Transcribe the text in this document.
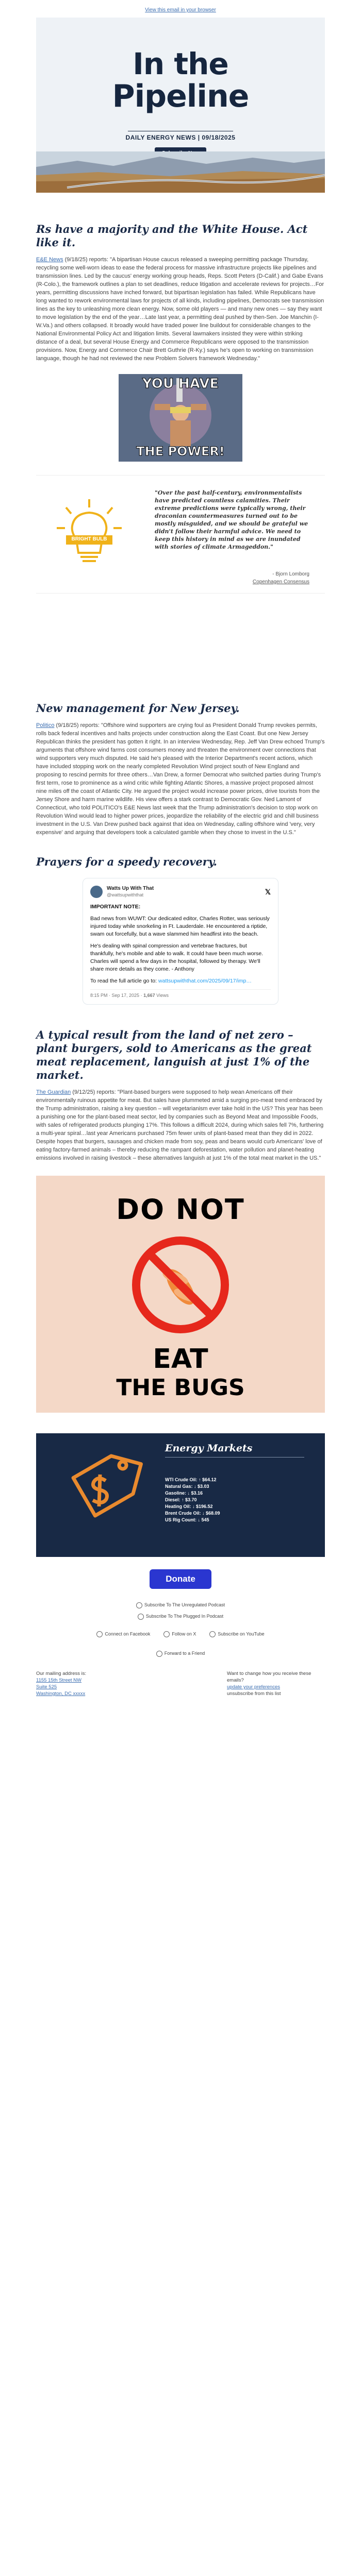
View this email in your browser
In the
Pipeline
DAILY ENERGY NEWS | 09/18/2025
Rs have a majority and the White House. Act like it.
E&E News (9/18/25) reports: "A bipartisan House caucus released a sweeping permitting package Thursday, recycling some well-worn ideas to ease the federal process for massive infrastructure projects like pipelines and transmission lines. Led by the caucus' energy working group heads, Reps. Scott Peters (D-Calif.) and Gabe Evans (R-Colo.), the framework outlines a plan to set deadlines, reduce litigation and accelerate reviews for projects…For years, permitting discussions have inched forward, but bipartisan legislation has failed. While Republicans have long wanted to rework environmental laws for projects of all kinds, including pipelines, Democrats see transmission lines as the key to unleashing more clean energy. Now, some old players — and many new ones — say they want to move legislation by the end of the year…Late last year, a permitting deal pushed by then-Sen. Joe Manchin (I-W.Va.) and others collapsed. It broadly would have traded power line buildout for considerable changes to the National Environmental Policy Act and litigation limits. Several lawmakers insisted they were within striking distance of a deal, but several House Energy and Commerce Republicans were opposed to the transmission provisions. Now, Energy and Commerce Chair Brett Guthrie (R-Ky.) says he's open to working on transmission language, though he had not reviewed the new Problem Solvers framework Wednesday."
YOU HAVE
THE POWER!
BRIGHT BULB
"Over the past half-century, environmentalists have predicted countless calamities. Their extreme predictions were typically wrong, their draconian countermeasures turned out to be mostly misguided, and we should be grateful we didn't follow their harmful advice. We need to keep this history in mind as we are inundated with stories of climate Armageddon."
- Bjorn Lomborg
Copenhagen Consensus
New management for New Jersey.
Politico (9/18/25) reports: "Offshore wind supporters are crying foul as President Donald Trump revokes permits, rolls back federal incentives and halts projects under construction along the East Coast. But one New Jersey Republican thinks the president has gotten it right. In an interview Wednesday, Rep. Jeff Van Drew echoed Trump's arguments that offshore wind farms cost consumers money and threaten the environment over connections that wind supporters very much disputed. He said he's pleased with the Interior Department's recent actions, which have included stopping work on the nearly completed Revolution Wind project south of New England and proposing to rescind permits for three others…Van Drew, a former Democrat who switched parties during Trump's first term, rose to prominence as a wind critic while fighting Atlantic Shores, a massive project proposed almost nine miles off the coast of Atlantic City. He argued the project would increase power prices, drive tourists from the Jersey Shore and harm marine wildlife. His view offers a stark contrast to Democratic Gov. Ned Lamont of Connecticut, who told POLITICO's E&E News last week that the Trump administration's decision to stop work on Revolution Wind would lead to higher power prices, jeopardize the reliability of the electric grid and chill business investment in the U.S. Van Drew pushed back against that idea on Wednesday, calling offshore wind 'very, very expensive' and arguing that developers took a calculated gamble when they chose to invest in the U.S."
Prayers for a speedy recovery.
Watts Up With That
@wattsupwiththat	𝕏

IMPORTANT NOTE:

Bad news from WUWT: Our dedicated editor, Charles Rotter, was seriously injured today while snorkeling in Ft. Lauderdale. He encountered a riptide, swam out forcefully, but a wave slammed him headfirst into the beach.

He's dealing with spinal compression and vertebrae fractures, but thankfully, he's mobile and able to walk. It could have been much worse. Charles will spend a few days in the hospital, followed by therapy. We'll share more details as they come. - Anthony

To read the full article go to: wattsupwiththat.com/2025/09/17/imp…

8:15 PM · Sep 17, 2025 · 1,667 Views
A typical result from the land of net zero – plant burgers, sold to Americans as the great meat replacement, languish at just 1% of the market.
The Guardian (9/12/25) reports: "Plant-based burgers were supposed to help wean Americans off their environmentally ruinous appetite for meat. But sales have plummeted amid a surging pro-meat trend embraced by the Trump administration, raising a key question – will vegetarianism ever take hold in the US? This year has been a punishing one for the plant-based meat sector, led by companies such as Beyond Meat and Impossible Foods, with sales of refrigerated products plunging 17%. This follows a difficult 2024, during which sales fell 7%, furthering a multi-year spiral…last year Americans purchased 75m fewer units of plant-based meat than they did in 2022. Despite hopes that burgers, sausages and chicken made from soy, peas and beans would curb Americans' love of eating factory-farmed animals – thereby reducing the rampant deforestation, water pollution and planet-heating emissions involved in raising livestock – these alternatives languish at just 1% of the total meat market in the US."
DO NOT
EAT
THE BUGS
Energy Markets
WTI Crude Oil: ↑ $64.12
Natural Gas: ↓ $3.03
Gasoline: ↓ $3.16
Diesel: ↑ $3.70
Heating Oil: ↓ $196.52
Brent Crude Oil: ↓ $68.09
US Rig Count: ↓ 545
Donate
Subscribe To The Unregulated Podcast
Subscribe To The Plugged In Podcast
Connect on Facebook	Follow on X	Subscribe on YouTube
Forward to a Friend
Our mailing address is:
1155 15th Street NW
Suite 525
Washington, DC xxxxx
Want to change how you receive these emails?
update your preferences
unsubscribe from this list
